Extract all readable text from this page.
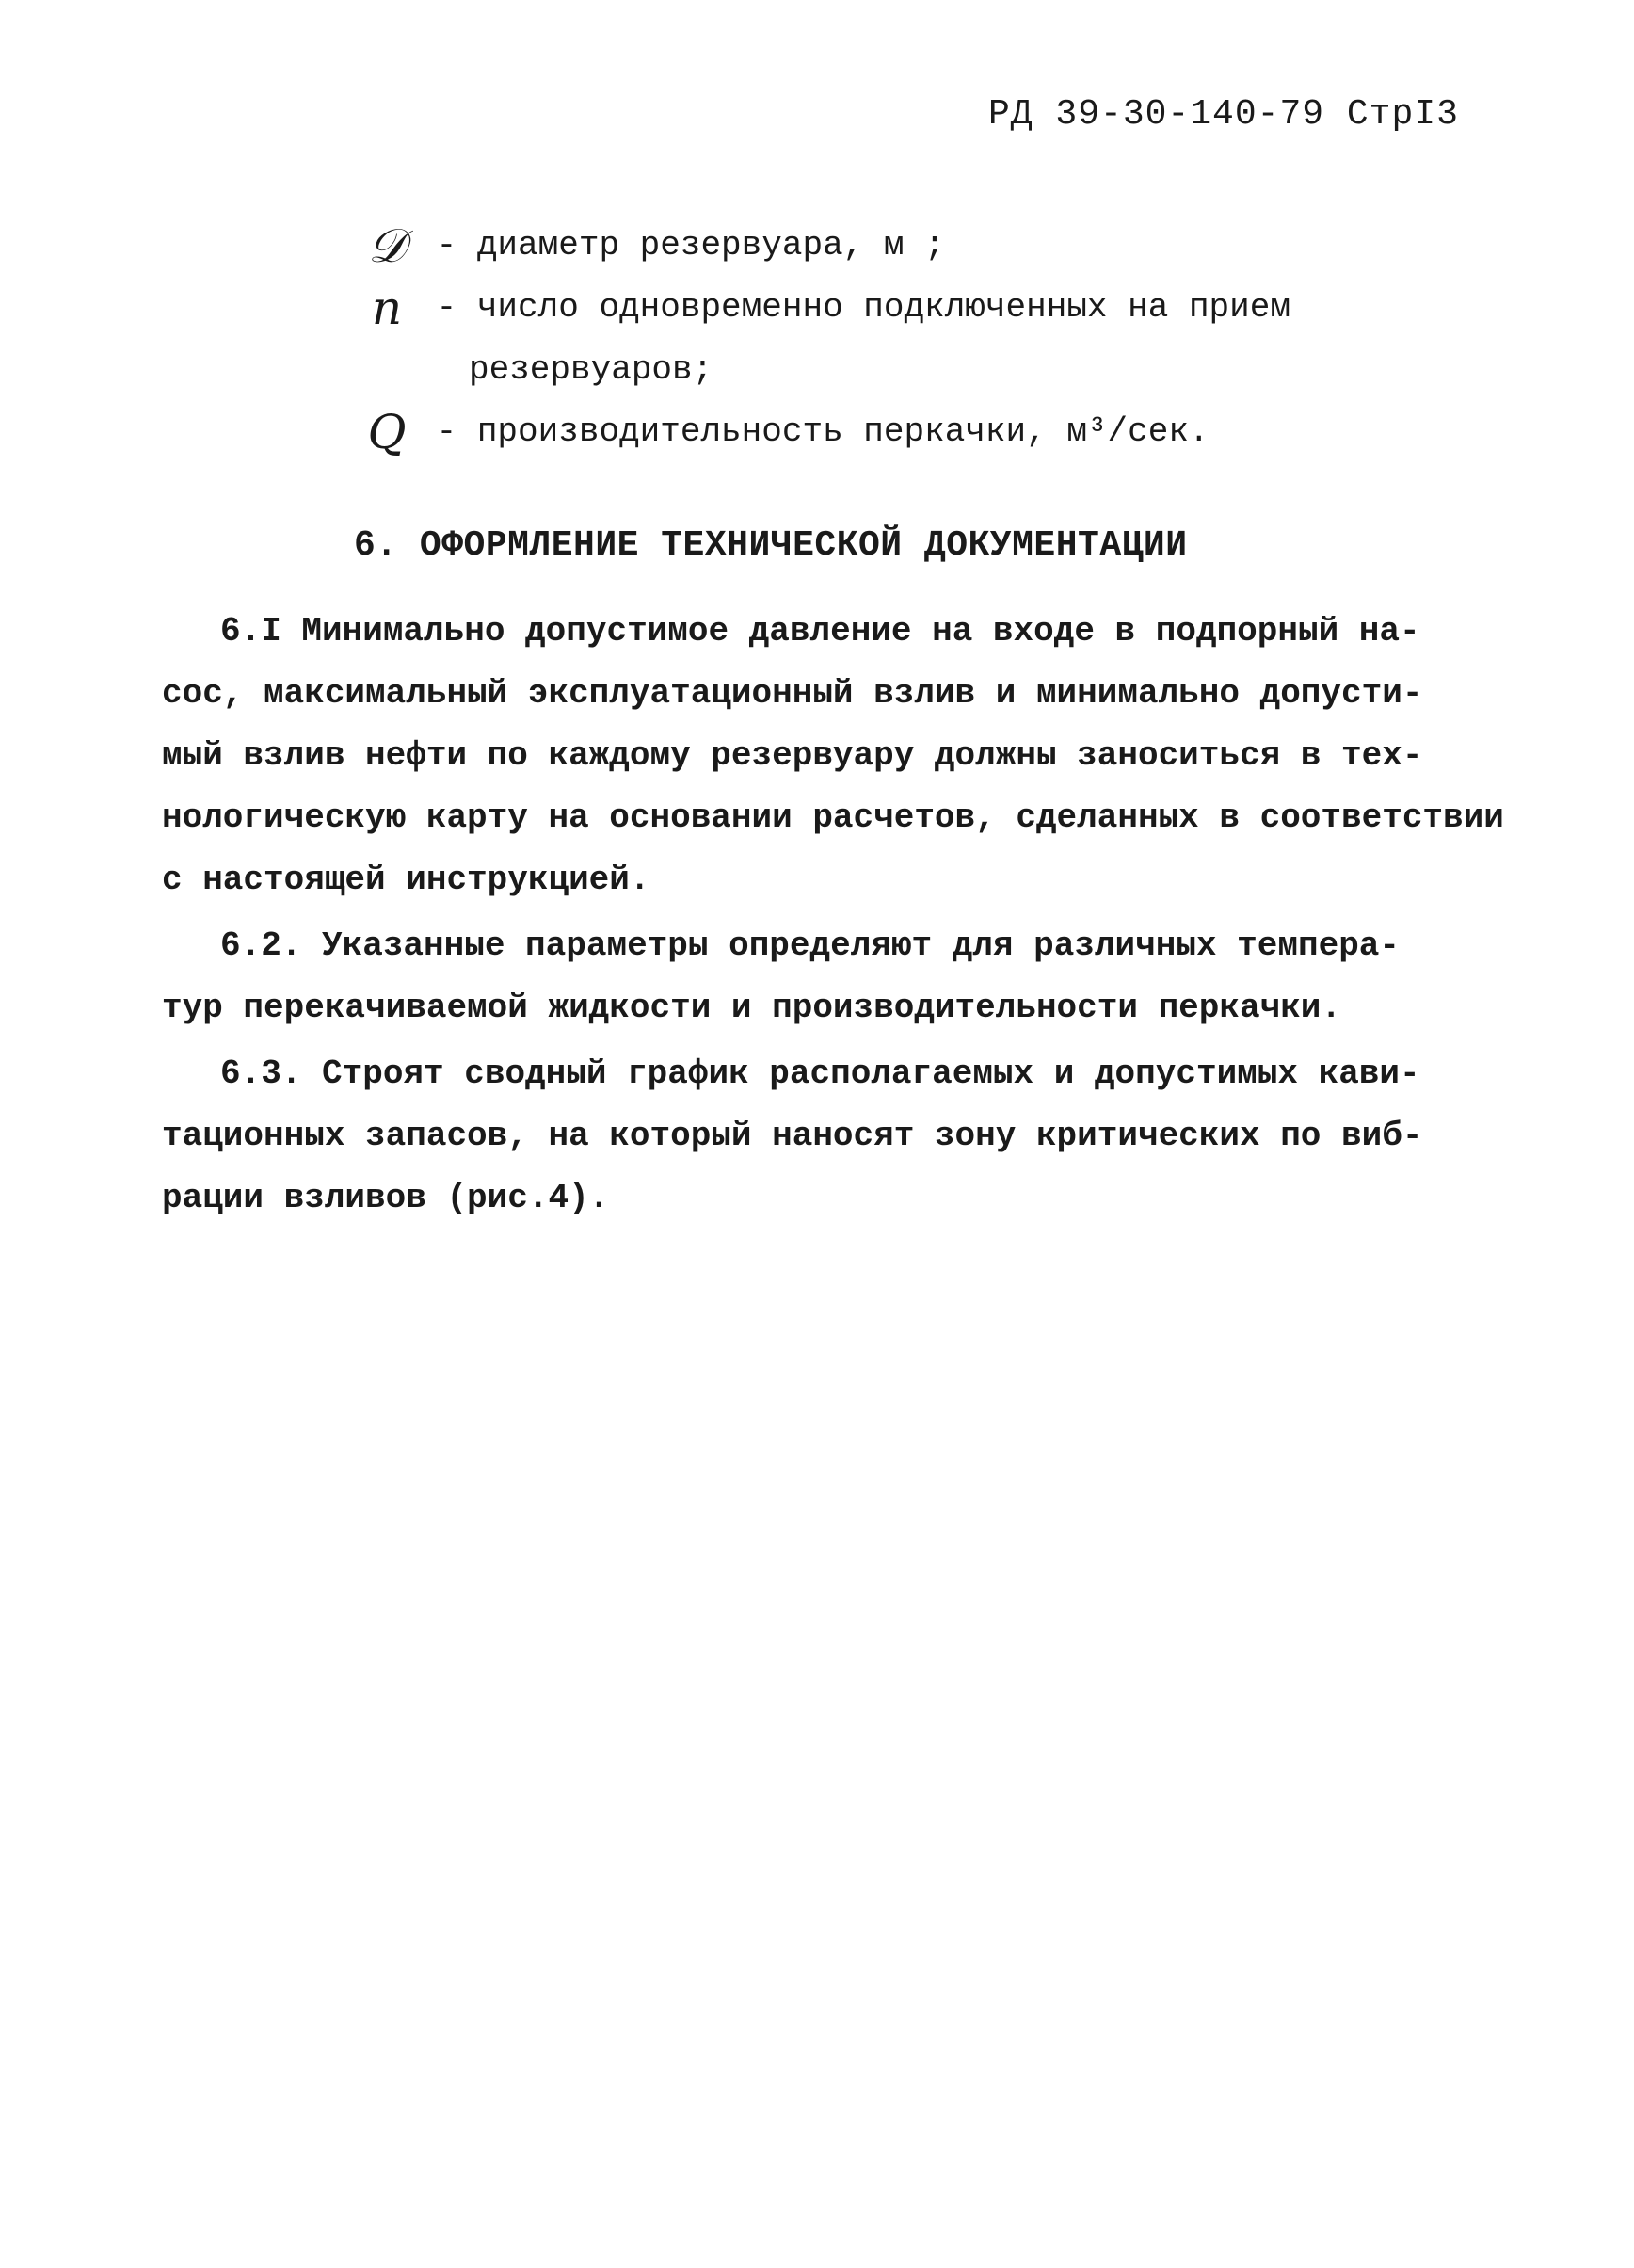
РД 39-30-140-79 СтрI3
𝒟 - диаметр резервуара, м ;
n - число одновременно подключенных на прием
резервуаров;
Q - производительность перкачки, м³/сек.
6. ОФОРМЛЕНИЕ ТЕХНИЧЕСКОЙ ДОКУМЕНТАЦИИ
6.I Минимально допустимое давление на входе в подпорный на-
сос, максимальный эксплуатационный взлив и минимально допусти-
мый взлив нефти по каждому резервуару должны заноситься в тех-
нологическую карту на основании расчетов, сделанных в соответствии
с настоящей инструкцией.
6.2. Указанные параметры определяют для различных темпера-
тур перекачиваемой жидкости и производительности перкачки.
6.3. Строят сводный график располагаемых и допустимых кави-
тационных запасов, на который наносят зону критических по виб-
рации взливов (рис.4).
